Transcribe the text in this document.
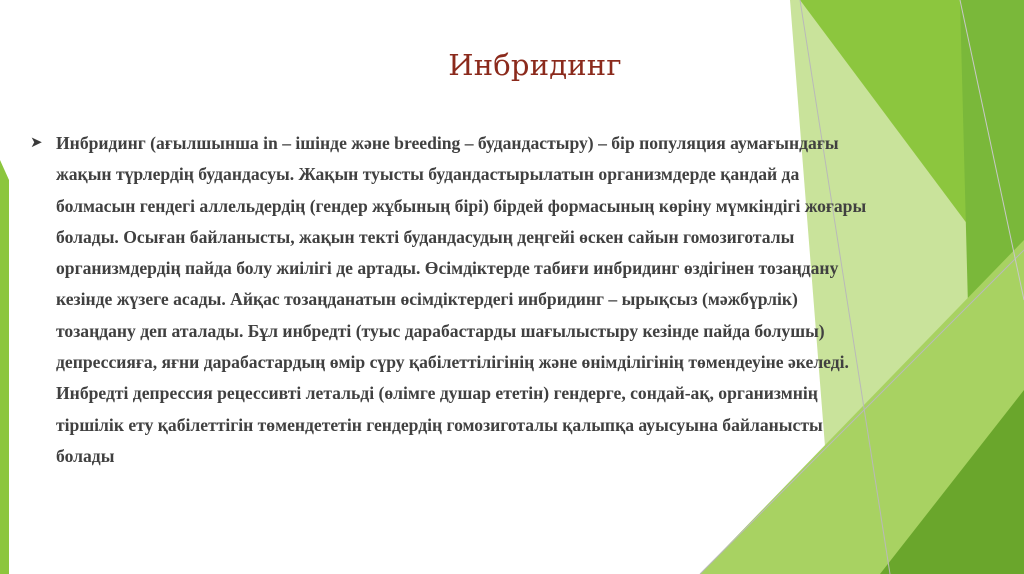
Инбридинг
➤ Инбридинг (ағылшынша in – ішінде және breeding – будандастыру) – бір популяция аумағындағы
жақын түрлердің будандасуы. Жақын туысты будандастырылатын организмдерде қандай да
болмасын гендегі аллельдердің (гендер жұбының бірі) бірдей формасының көріну мүмкіндігі жоғары
болады. Осыған байланысты, жақын текті будандасудың деңгейі өскен сайын гомозиготалы
организмдердің пайда болу жиілігі де артады. Өсімдіктерде табиғи инбридинг өздігінен тозаңдану
кезінде жүзеге асады. Айқас тозаңданатын өсімдіктердегі инбридинг – ырықсыз (мәжбүрлік)
тозаңдану деп аталады. Бұл инбредті (туыс дарабастарды шағылыстыру кезінде пайда болушы)
депрессияға, яғни дарабастардың өмір сүру қабілеттілігінің және өнімділігінің төмендеуіне әкеледі.
Инбредті депрессия рецессивті летальді (өлімге душар ететін) гендерге, сондай-ақ, организмнің
тіршілік ету қабілеттігін төмендететін гендердің гомозиготалы қалыпқа ауысуына байланысты
болады
